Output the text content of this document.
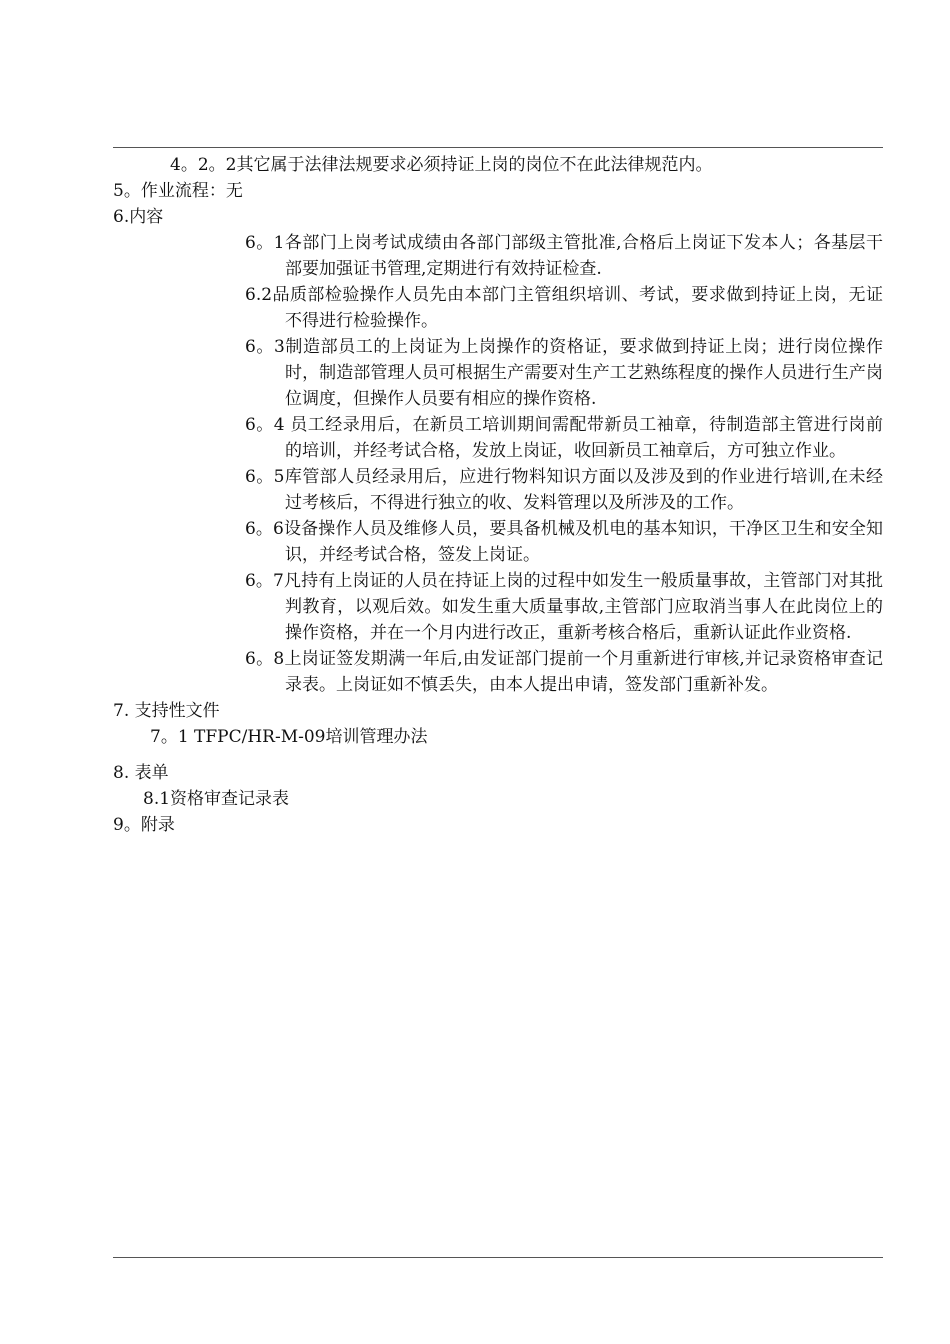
4。2。2其它属于法律法规要求必须持证上岗的岗位不在此法律规范内。
5。作业流程：无
6.内容
6。1各部门上岗考试成绩由各部门部级主管批准,合格后上岗证下发本人；各基层干部要加强证书管理,定期进行有效持证检查.
6.2品质部检验操作人员先由本部门主管组织培训、考试，要求做到持证上岗，无证不得进行检验操作。
6。3制造部员工的上岗证为上岗操作的资格证，要求做到持证上岗；进行岗位操作时，制造部管理人员可根据生产需要对生产工艺熟练程度的操作人员进行生产岗位调度，但操作人员要有相应的操作资格.
6。4 员工经录用后，在新员工培训期间需配带新员工袖章，待制造部主管进行岗前的培训，并经考试合格，发放上岗证，收回新员工袖章后，方可独立作业。
6。5库管部人员经录用后，应进行物料知识方面以及涉及到的作业进行培训,在未经过考核后，不得进行独立的收、发料管理以及所涉及的工作。
6。6设备操作人员及维修人员，要具备机械及机电的基本知识，干净区卫生和安全知识，并经考试合格，签发上岗证。
6。7凡持有上岗证的人员在持证上岗的过程中如发生一般质量事故，主管部门对其批判教育，以观后效。如发生重大质量事故,主管部门应取消当事人在此岗位上的操作资格，并在一个月内进行改正，重新考核合格后，重新认证此作业资格.
6。8上岗证签发期满一年后,由发证部门提前一个月重新进行审核,并记录资格审查记录表。上岗证如不慎丢失，由本人提出申请，签发部门重新补发。
7. 支持性文件
7。1 TFPC/HR-M-09培训管理办法
8. 表单
8.1资格审查记录表
9。附录
